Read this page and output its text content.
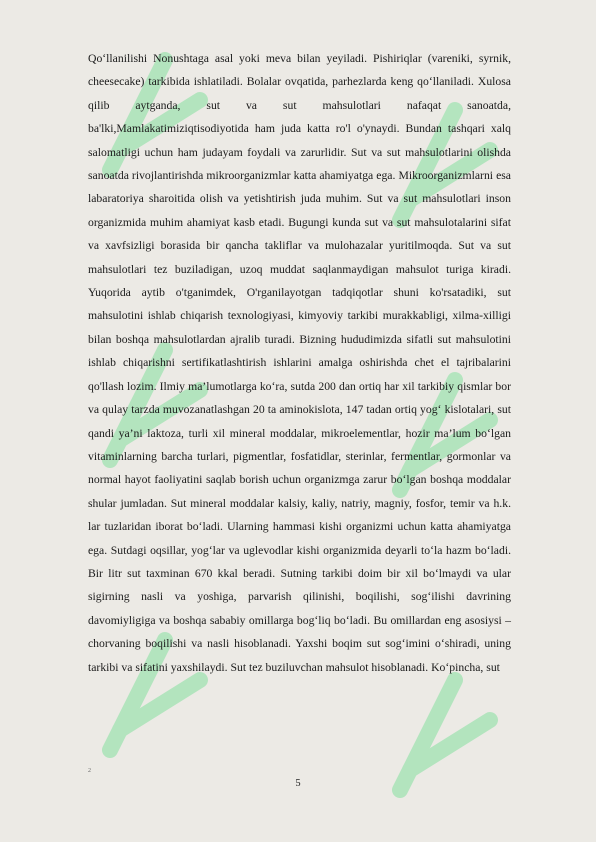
Qo‘llanilishi Nonushtaga asal yoki meva bilan yeyiladi. Pishiriqlar (vareniki, syrnik, cheesecake) tarkibida ishlatiladi. Bolalar ovqatida, parhezlarda keng qo‘llaniladi. Xulosa qilib aytganda, sut va sut mahsulotlari nafaqat sanoatda, ba'lki,Mamlakatimiziqtisodiyotida ham juda katta ro'l o'ynaydi. Bundan tashqari xalq salomatligi uchun ham judayam foydali va zarurlidir. Sut va sut mahsulotlarini olishda sanoatda rivojlantirishda mikroorganizmlar katta ahamiyatga ega. Mikroorganizmlarni esa labaratoriya sharoitida olish va yetishtirish juda muhim. Sut va sut mahsulotlari inson organizmida muhim ahamiyat kasb etadi. Bugungi kunda sut va sut mahsulotalarini sifat va xavfsizligi borasida bir qancha takliflar va mulohazalar yuritilmoqda. Sut va sut mahsulotlari tez buziladigan, uzoq muddat saqlanmaydigan mahsulot turiga kiradi. Yuqorida aytib o'tganimdek, O'rganilayotgan tadqiqotlar shuni ko'rsatadiki, sut mahsulotini ishlab chiqarish texnologiyasi, kimyoviy tarkibi murakkabligi, xilma-xilligi bilan boshqa mahsulotlardan ajralib turadi. Bizning hududimizda sifatli sut mahsulotini ishlab chiqarishni sertifikatlashtirish ishlarini amalga oshirishda chet el tajribalarini qo'llash lozim. Ilmiy ma’lumotlarga ko‘ra, sutda 200 dan ortiq har xil tarkibiy qismlar bor va qulay tarzda muvozanatlashgan 20 ta aminokislota, 147 tadan ortiq yog‘ kislotalari, sut qandi ya’ni laktoza, turli xil mineral moddalar, mikroelementlar, hozir ma’lum bo‘lgan vitaminlarning barcha turlari, pigmentlar, fosfatidlar, sterinlar, fermentlar, gormonlar va normal hayot faoliyatini saqlab borish uchun organizmga zarur bo‘lgan boshqa moddalar shular jumladan. Sut mineral moddalar kalsiy, kaliy, natriy, magniy, fosfor, temir va h.k. lar tuzlaridan iborat bo‘ladi. Ularning hammasi kishi organizmi uchun katta ahamiyatga ega. Sutdagi oqsillar, yog‘lar va uglevodlar kishi organizmida deyarli to‘la hazm bo‘ladi. Bir litr sut taxminan 670 kkal beradi. Sutning tarkibi doim bir xil bo‘lmaydi va ular sigirning nasli va yoshiga, parvarish qilinishi, boqilishi, sog‘ilishi davrining davomiyligiga va boshqa sababiy omillarga bog‘liq bo‘ladi. Bu omillardan eng asosiysi – chorvaning boqilishi va nasli hisoblanadi. Yaxshi boqim sut sog‘imini o‘shiradi, uning tarkibi va sifatini yaxshilaydi. Sut tez buziluvchan mahsulot hisoblanadi. Ko‘pincha, sut

2
5
